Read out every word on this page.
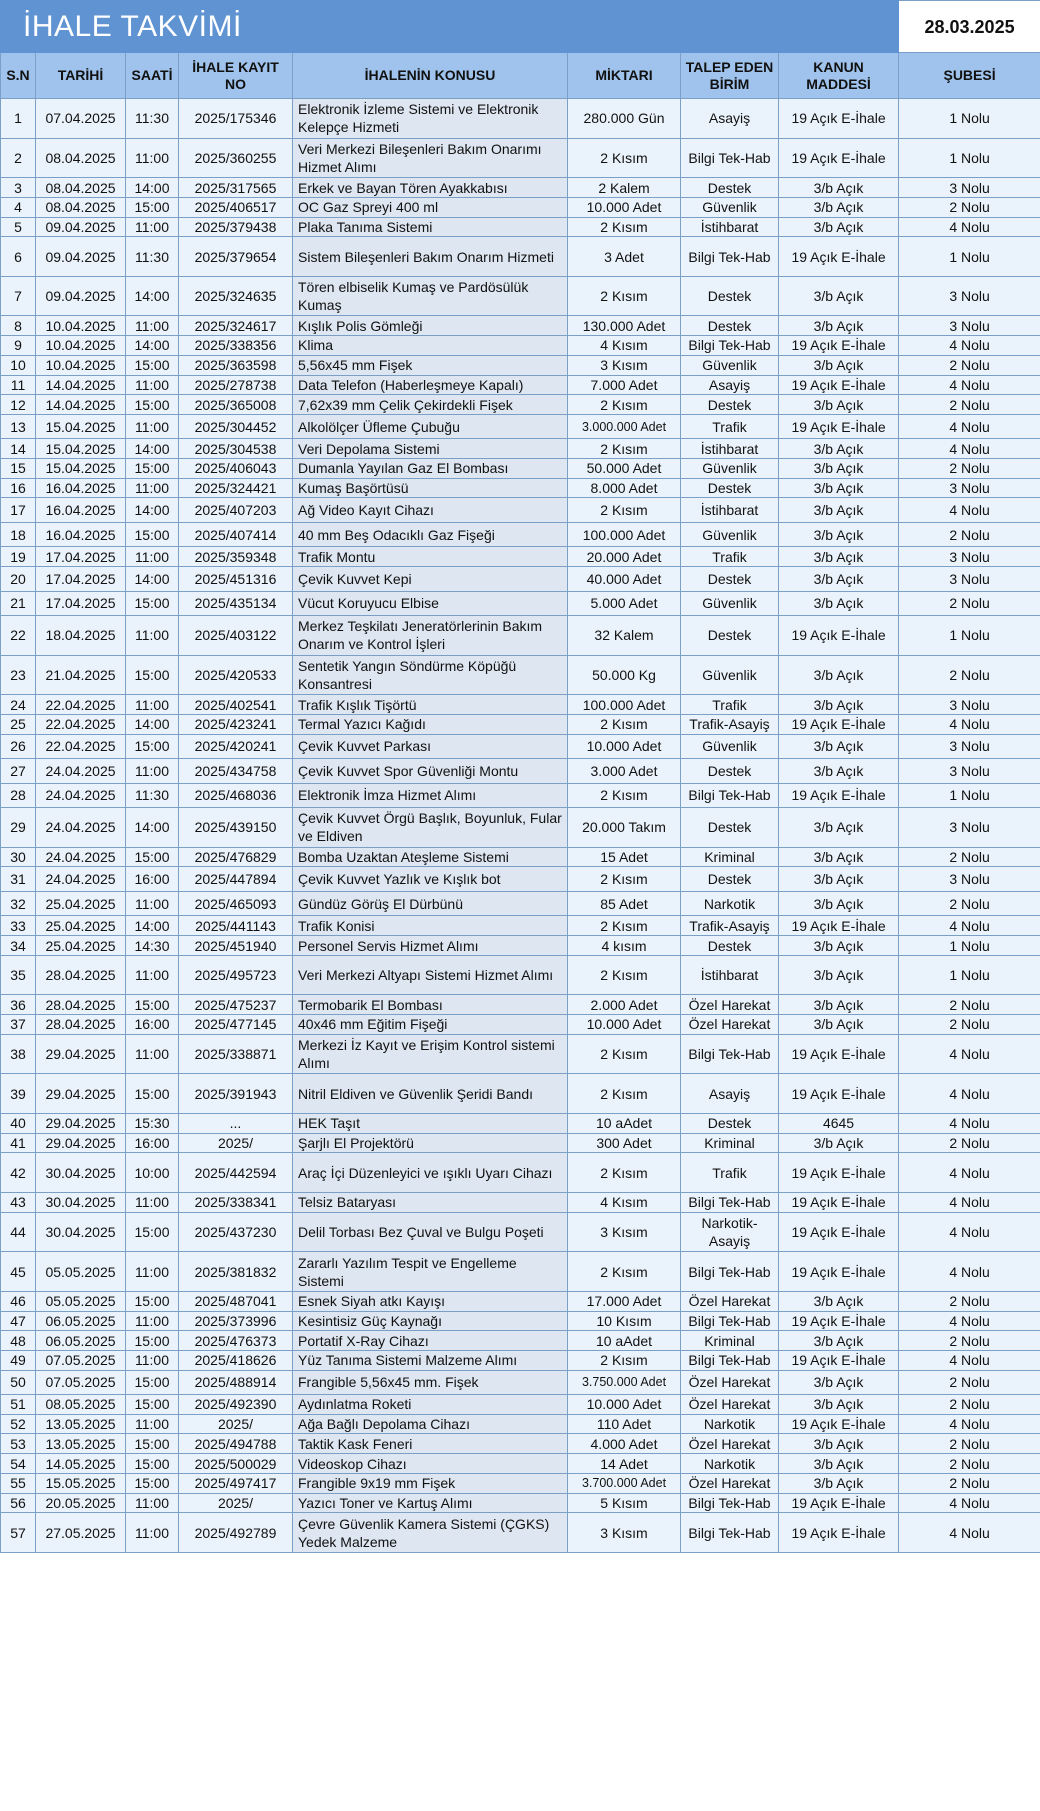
İHALE TAKVİMİ								28.03.2025
S.N	TARİHİ	SAATİ	İHALE KAYIT NO	İHALENİN KONUSU	MİKTARI	TALEP EDEN BİRİM	KANUN MADDESİ	ŞUBESİ
1	07.04.2025	11:30	2025/175346	Elektronik İzleme Sistemi ve Elektronik Kelepçe Hizmeti	280.000 Gün	Asayiş	19 Açık E-İhale	1 Nolu
2	08.04.2025	11:00	2025/360255	Veri Merkezi Bileşenleri Bakım Onarımı Hizmet Alımı	2 Kısım	Bilgi Tek-Hab	19 Açık E-İhale	1 Nolu
3	08.04.2025	14:00	2025/317565	Erkek ve Bayan Tören Ayakkabısı	2 Kalem	Destek	3/b Açık	3 Nolu
4	08.04.2025	15:00	2025/406517	OC Gaz Spreyi 400 ml	10.000 Adet	Güvenlik	3/b Açık	2 Nolu
5	09.04.2025	11:00	2025/379438	Plaka Tanıma Sistemi	2 Kısım	İstihbarat	3/b Açık	4 Nolu
6	09.04.2025	11:30	2025/379654	Sistem Bileşenleri Bakım Onarım Hizmeti	3 Adet	Bilgi Tek-Hab	19 Açık E-İhale	1 Nolu
7	09.04.2025	14:00	2025/324635	Tören elbiselik Kumaş ve Pardösülük Kumaş	2 Kısım	Destek	3/b Açık	3 Nolu
8	10.04.2025	11:00	2025/324617	Kışlık Polis Gömleği	130.000 Adet	Destek	3/b Açık	3 Nolu
9	10.04.2025	14:00	2025/338356	Klima	4 Kısım	Bilgi Tek-Hab	19 Açık E-İhale	4 Nolu
10	10.04.2025	15:00	2025/363598	5,56x45 mm Fişek	3 Kısım	Güvenlik	3/b Açık	2 Nolu
11	14.04.2025	11:00	2025/278738	Data Telefon (Haberleşmeye Kapalı)	7.000 Adet	Asayiş	19 Açık E-İhale	4 Nolu
12	14.04.2025	15:00	2025/365008	7,62x39 mm Çelik Çekirdekli Fişek	2 Kısım	Destek	3/b Açık	2 Nolu
13	15.04.2025	11:00	2025/304452	Alkolölçer Üfleme Çubuğu	3.000.000 Adet	Trafik	19 Açık E-İhale	4 Nolu
14	15.04.2025	14:00	2025/304538	Veri Depolama Sistemi	2 Kısım	İstihbarat	3/b Açık	4 Nolu
15	15.04.2025	15:00	2025/406043	Dumanla Yayılan Gaz El Bombası	50.000 Adet	Güvenlik	3/b Açık	2 Nolu
16	16.04.2025	11:00	2025/324421	Kumaş Başörtüsü	8.000 Adet	Destek	3/b Açık	3 Nolu
17	16.04.2025	14:00	2025/407203	Ağ Video Kayıt Cihazı	2 Kısım	İstihbarat	3/b Açık	4 Nolu
18	16.04.2025	15:00	2025/407414	40 mm Beş Odacıklı Gaz Fişeği	100.000 Adet	Güvenlik	3/b Açık	2 Nolu
19	17.04.2025	11:00	2025/359348	Trafik Montu	20.000 Adet	Trafik	3/b Açık	3 Nolu
20	17.04.2025	14:00	2025/451316	Çevik Kuvvet Kepi	40.000 Adet	Destek	3/b Açık	3 Nolu
21	17.04.2025	15:00	2025/435134	Vücut Koruyucu Elbise	5.000 Adet	Güvenlik	3/b Açık	2 Nolu
22	18.04.2025	11:00	2025/403122	Merkez Teşkilatı Jeneratörlerinin Bakım Onarım ve Kontrol İşleri	32 Kalem	Destek	19 Açık E-İhale	1 Nolu
23	21.04.2025	15:00	2025/420533	Sentetik Yangın Söndürme Köpüğü Konsantresi	50.000 Kg	Güvenlik	3/b Açık	2 Nolu
24	22.04.2025	11:00	2025/402541	Trafik Kışlık Tişörtü	100.000 Adet	Trafik	3/b Açık	3 Nolu
25	22.04.2025	14:00	2025/423241	Termal Yazıcı Kağıdı	2 Kısım	Trafik-Asayiş	19 Açık E-İhale	4 Nolu
26	22.04.2025	15:00	2025/420241	Çevik Kuvvet Parkası	10.000 Adet	Güvenlik	3/b Açık	3 Nolu
27	24.04.2025	11:00	2025/434758	Çevik Kuvvet Spor Güvenliği Montu	3.000 Adet	Destek	3/b Açık	3 Nolu
28	24.04.2025	11:30	2025/468036	Elektronik İmza Hizmet Alımı	2 Kısım	Bilgi Tek-Hab	19 Açık E-İhale	1 Nolu
29	24.04.2025	14:00	2025/439150	Çevik Kuvvet Örgü Başlık, Boyunluk, Fular ve Eldiven	20.000 Takım	Destek	3/b Açık	3 Nolu
30	24.04.2025	15:00	2025/476829	Bomba Uzaktan Ateşleme Sistemi	15 Adet	Kriminal	3/b Açık	2 Nolu
31	24.04.2025	16:00	2025/447894	Çevik Kuvvet Yazlık ve Kışlık bot	2 Kısım	Destek	3/b Açık	3 Nolu
32	25.04.2025	11:00	2025/465093	Gündüz Görüş El Dürbünü	85 Adet	Narkotik	3/b Açık	2 Nolu
33	25.04.2025	14:00	2025/441143	Trafik Konisi	2 Kısım	Trafik-Asayiş	19 Açık E-İhale	4 Nolu
34	25.04.2025	14:30	2025/451940	Personel Servis Hizmet Alımı	4 kısım	Destek	3/b Açık	1 Nolu
35	28.04.2025	11:00	2025/495723	Veri Merkezi Altyapı Sistemi Hizmet Alımı	2 Kısım	İstihbarat	3/b Açık	1 Nolu
36	28.04.2025	15:00	2025/475237	Termobarik El Bombası	2.000 Adet	Özel Harekat	3/b Açık	2 Nolu
37	28.04.2025	16:00	2025/477145	40x46 mm Eğitim Fişeği	10.000 Adet	Özel Harekat	3/b Açık	2 Nolu
38	29.04.2025	11:00	2025/338871	Merkezi İz Kayıt ve Erişim Kontrol sistemi Alımı	2 Kısım	Bilgi Tek-Hab	19 Açık E-İhale	4 Nolu
39	29.04.2025	15:00	2025/391943	Nitril Eldiven ve Güvenlik Şeridi Bandı	2 Kısım	Asayiş	19 Açık E-İhale	4 Nolu
40	29.04.2025	15:30	...	HEK Taşıt	10 aAdet	Destek	4645	4 Nolu
41	29.04.2025	16:00	2025/	Şarjlı El Projektörü	300 Adet	Kriminal	3/b Açık	2 Nolu
42	30.04.2025	10:00	2025/442594	Araç İçi Düzenleyici ve ışıklı Uyarı Cihazı	2 Kısım	Trafik	19 Açık E-İhale	4 Nolu
43	30.04.2025	11:00	2025/338341	Telsiz Bataryası	4 Kısım	Bilgi Tek-Hab	19 Açık E-İhale	4 Nolu
44	30.04.2025	15:00	2025/437230	Delil Torbası Bez Çuval ve Bulgu Poşeti	3 Kısım	Narkotik-Asayiş	19 Açık E-İhale	4 Nolu
45	05.05.2025	11:00	2025/381832	Zararlı Yazılım Tespit ve Engelleme Sistemi	2 Kısım	Bilgi Tek-Hab	19 Açık E-İhale	4 Nolu
46	05.05.2025	15:00	2025/487041	Esnek Siyah atkı Kayışı	17.000 Adet	Özel Harekat	3/b Açık	2 Nolu
47	06.05.2025	11:00	2025/373996	Kesintisiz Güç Kaynağı	10 Kısım	Bilgi Tek-Hab	19 Açık E-İhale	4 Nolu
48	06.05.2025	15:00	2025/476373	Portatif X-Ray Cihazı	10 aAdet	Kriminal	3/b Açık	2 Nolu
49	07.05.2025	11:00	2025/418626	Yüz Tanıma Sistemi Malzeme Alımı	2 Kısım	Bilgi Tek-Hab	19 Açık E-İhale	4 Nolu
50	07.05.2025	15:00	2025/488914	Frangible 5,56x45 mm. Fişek	3.750.000 Adet	Özel Harekat	3/b Açık	2 Nolu
51	08.05.2025	15:00	2025/492390	Aydınlatma Roketi	10.000 Adet	Özel Harekat	3/b Açık	2 Nolu
52	13.05.2025	11:00	2025/	Ağa Bağlı Depolama Cihazı	110 Adet	Narkotik	19 Açık E-İhale	4 Nolu
53	13.05.2025	15:00	2025/494788	Taktik Kask Feneri	4.000 Adet	Özel Harekat	3/b Açık	2 Nolu
54	14.05.2025	15:00	2025/500029	Videoskop Cihazı	14 Adet	Narkotik	3/b Açık	2 Nolu
55	15.05.2025	15:00	2025/497417	Frangible 9x19 mm Fişek	3.700.000 Adet	Özel Harekat	3/b Açık	2 Nolu
56	20.05.2025	11:00	2025/	Yazıcı Toner ve Kartuş Alımı	5 Kısım	Bilgi Tek-Hab	19 Açık E-İhale	4 Nolu
57	27.05.2025	11:00	2025/492789	Çevre Güvenlik Kamera Sistemi (ÇGKS) Yedek Malzeme	3 Kısım	Bilgi Tek-Hab	19 Açık E-İhale	4 Nolu
